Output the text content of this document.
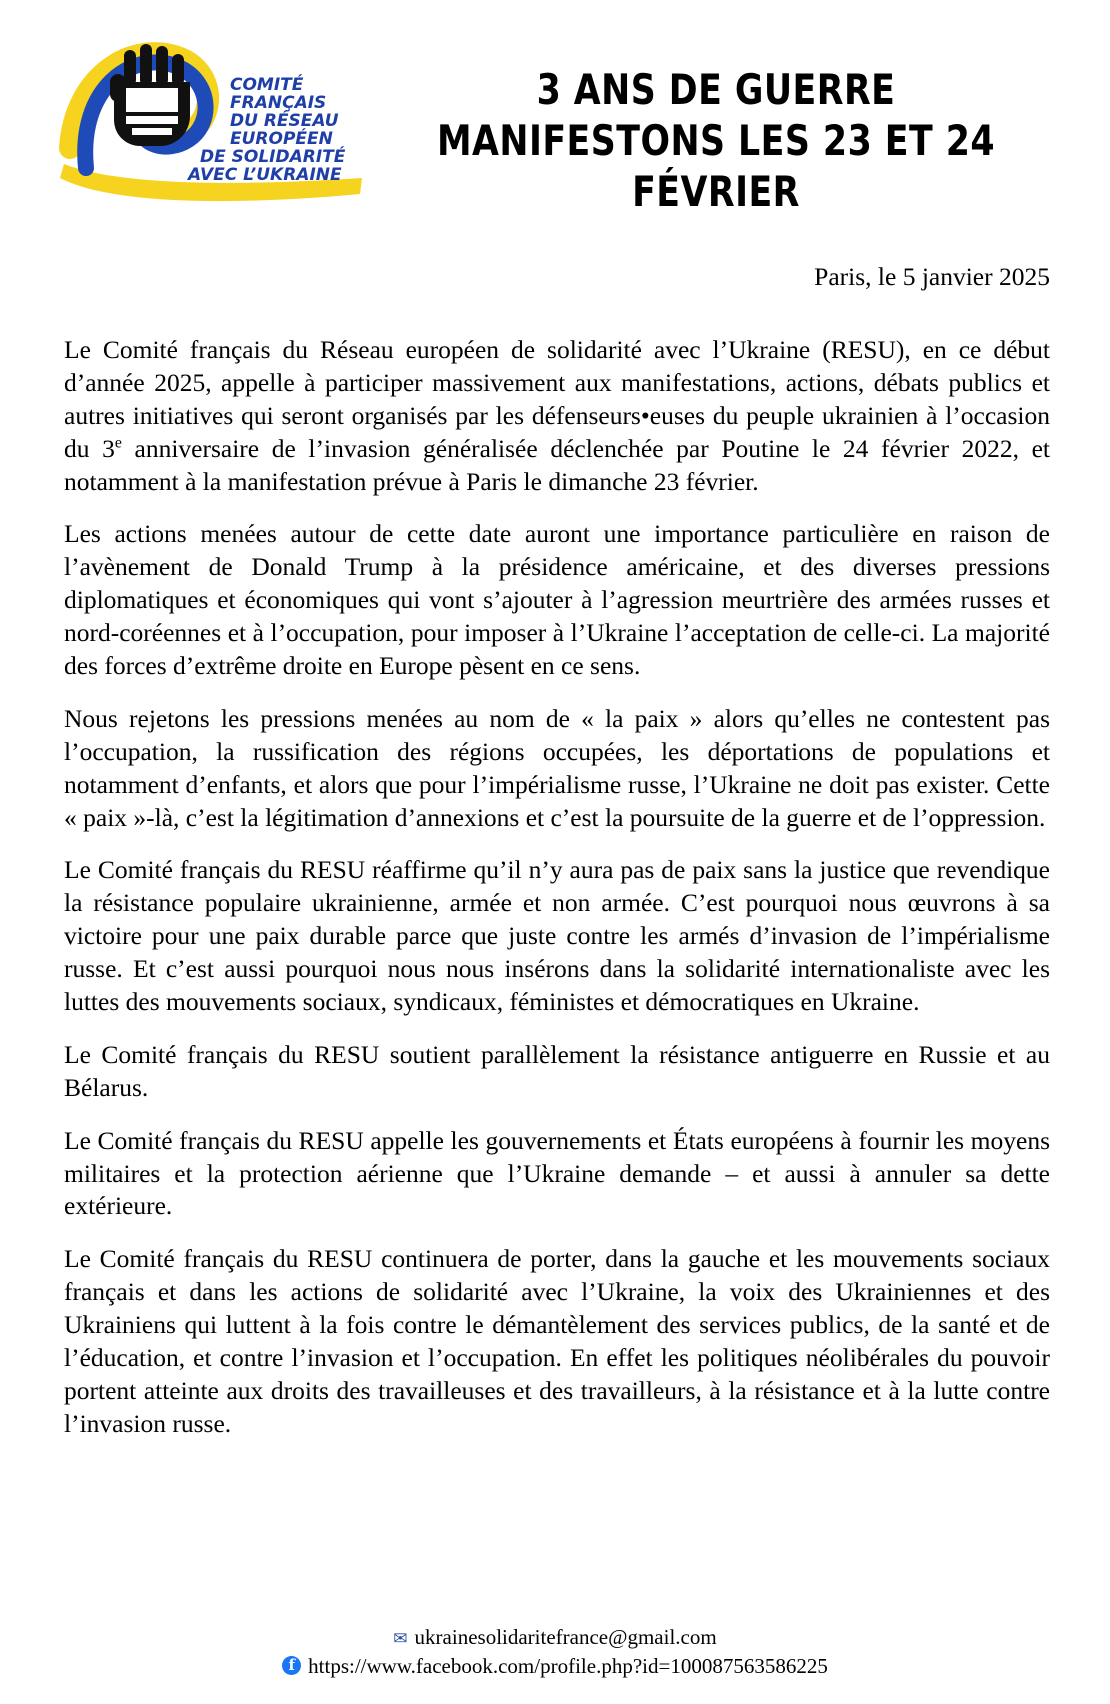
COMITÉ
FRANÇAIS
DU RÉSEAU
EUROPÉEN
DE SOLIDARITÉ
AVEC L’UKRAINE
3 ANS DE GUERRE
MANIFESTONS LES 23 ET 24 FÉVRIER
Paris, le 5 janvier 2025

Le Comité français du Réseau européen de solidarité avec l’Ukraine (RESU), en ce début d’année 2025, appelle à participer massivement aux manifestations, actions, débats publics et autres initiatives qui seront organisés par les défenseurs•euses du peuple ukrainien à l’occasion du 3e anniversaire de l’invasion généralisée déclenchée par Poutine le 24 février 2022, et notamment à la manifestation prévue à Paris le dimanche 23 février.

Les actions menées autour de cette date auront une importance particulière en raison de l’avènement de Donald Trump à la présidence américaine, et des diverses pressions diplomatiques et économiques qui vont s’ajouter à l’agression meurtrière des armées russes et nord-coréennes et à l’occupation, pour imposer à l’Ukraine l’acceptation de celle-ci. La majorité des forces d’extrême droite en Europe pèsent en ce sens.

Nous rejetons les pressions menées au nom de « la paix » alors qu’elles ne contestent pas l’occupation, la russification des régions occupées, les déportations de populations et notamment d’enfants, et alors que pour l’impérialisme russe, l’Ukraine ne doit pas exister. Cette « paix »-là, c’est la légitimation d’annexions et c’est la poursuite de la guerre et de l’oppression.

Le Comité français du RESU réaffirme qu’il n’y aura pas de paix sans la justice que revendique la résistance populaire ukrainienne, armée et non armée. C’est pourquoi nous œuvrons à sa victoire pour une paix durable parce que juste contre les armés d’invasion de l’impérialisme russe. Et c’est aussi pourquoi nous nous insérons dans la solidarité internationaliste avec les luttes des mouvements sociaux, syndicaux, féministes et démocratiques en Ukraine.

Le Comité français du RESU soutient parallèlement la résistance antiguerre en Russie et au Bélarus.

Le Comité français du RESU appelle les gouvernements et États européens à fournir les moyens militaires et la protection aérienne que l’Ukraine demande – et aussi à annuler sa dette extérieure.

Le Comité français du RESU continuera de porter, dans la gauche et les mouvements sociaux français et dans les actions de solidarité avec l’Ukraine, la voix des Ukrainiennes et des Ukrainiens qui luttent à la fois contre le démantèlement des services publics, de la santé et de l’éducation, et contre l’invasion et l’occupation. En effet les politiques néolibérales du pouvoir portent atteinte aux droits des travailleuses et des travailleurs, à la résistance et à la lutte contre l’invasion russe.

✉ ukrainesolidaritefrance@gmail.com
f https://www.facebook.com/profile.php?id=100087563586225
